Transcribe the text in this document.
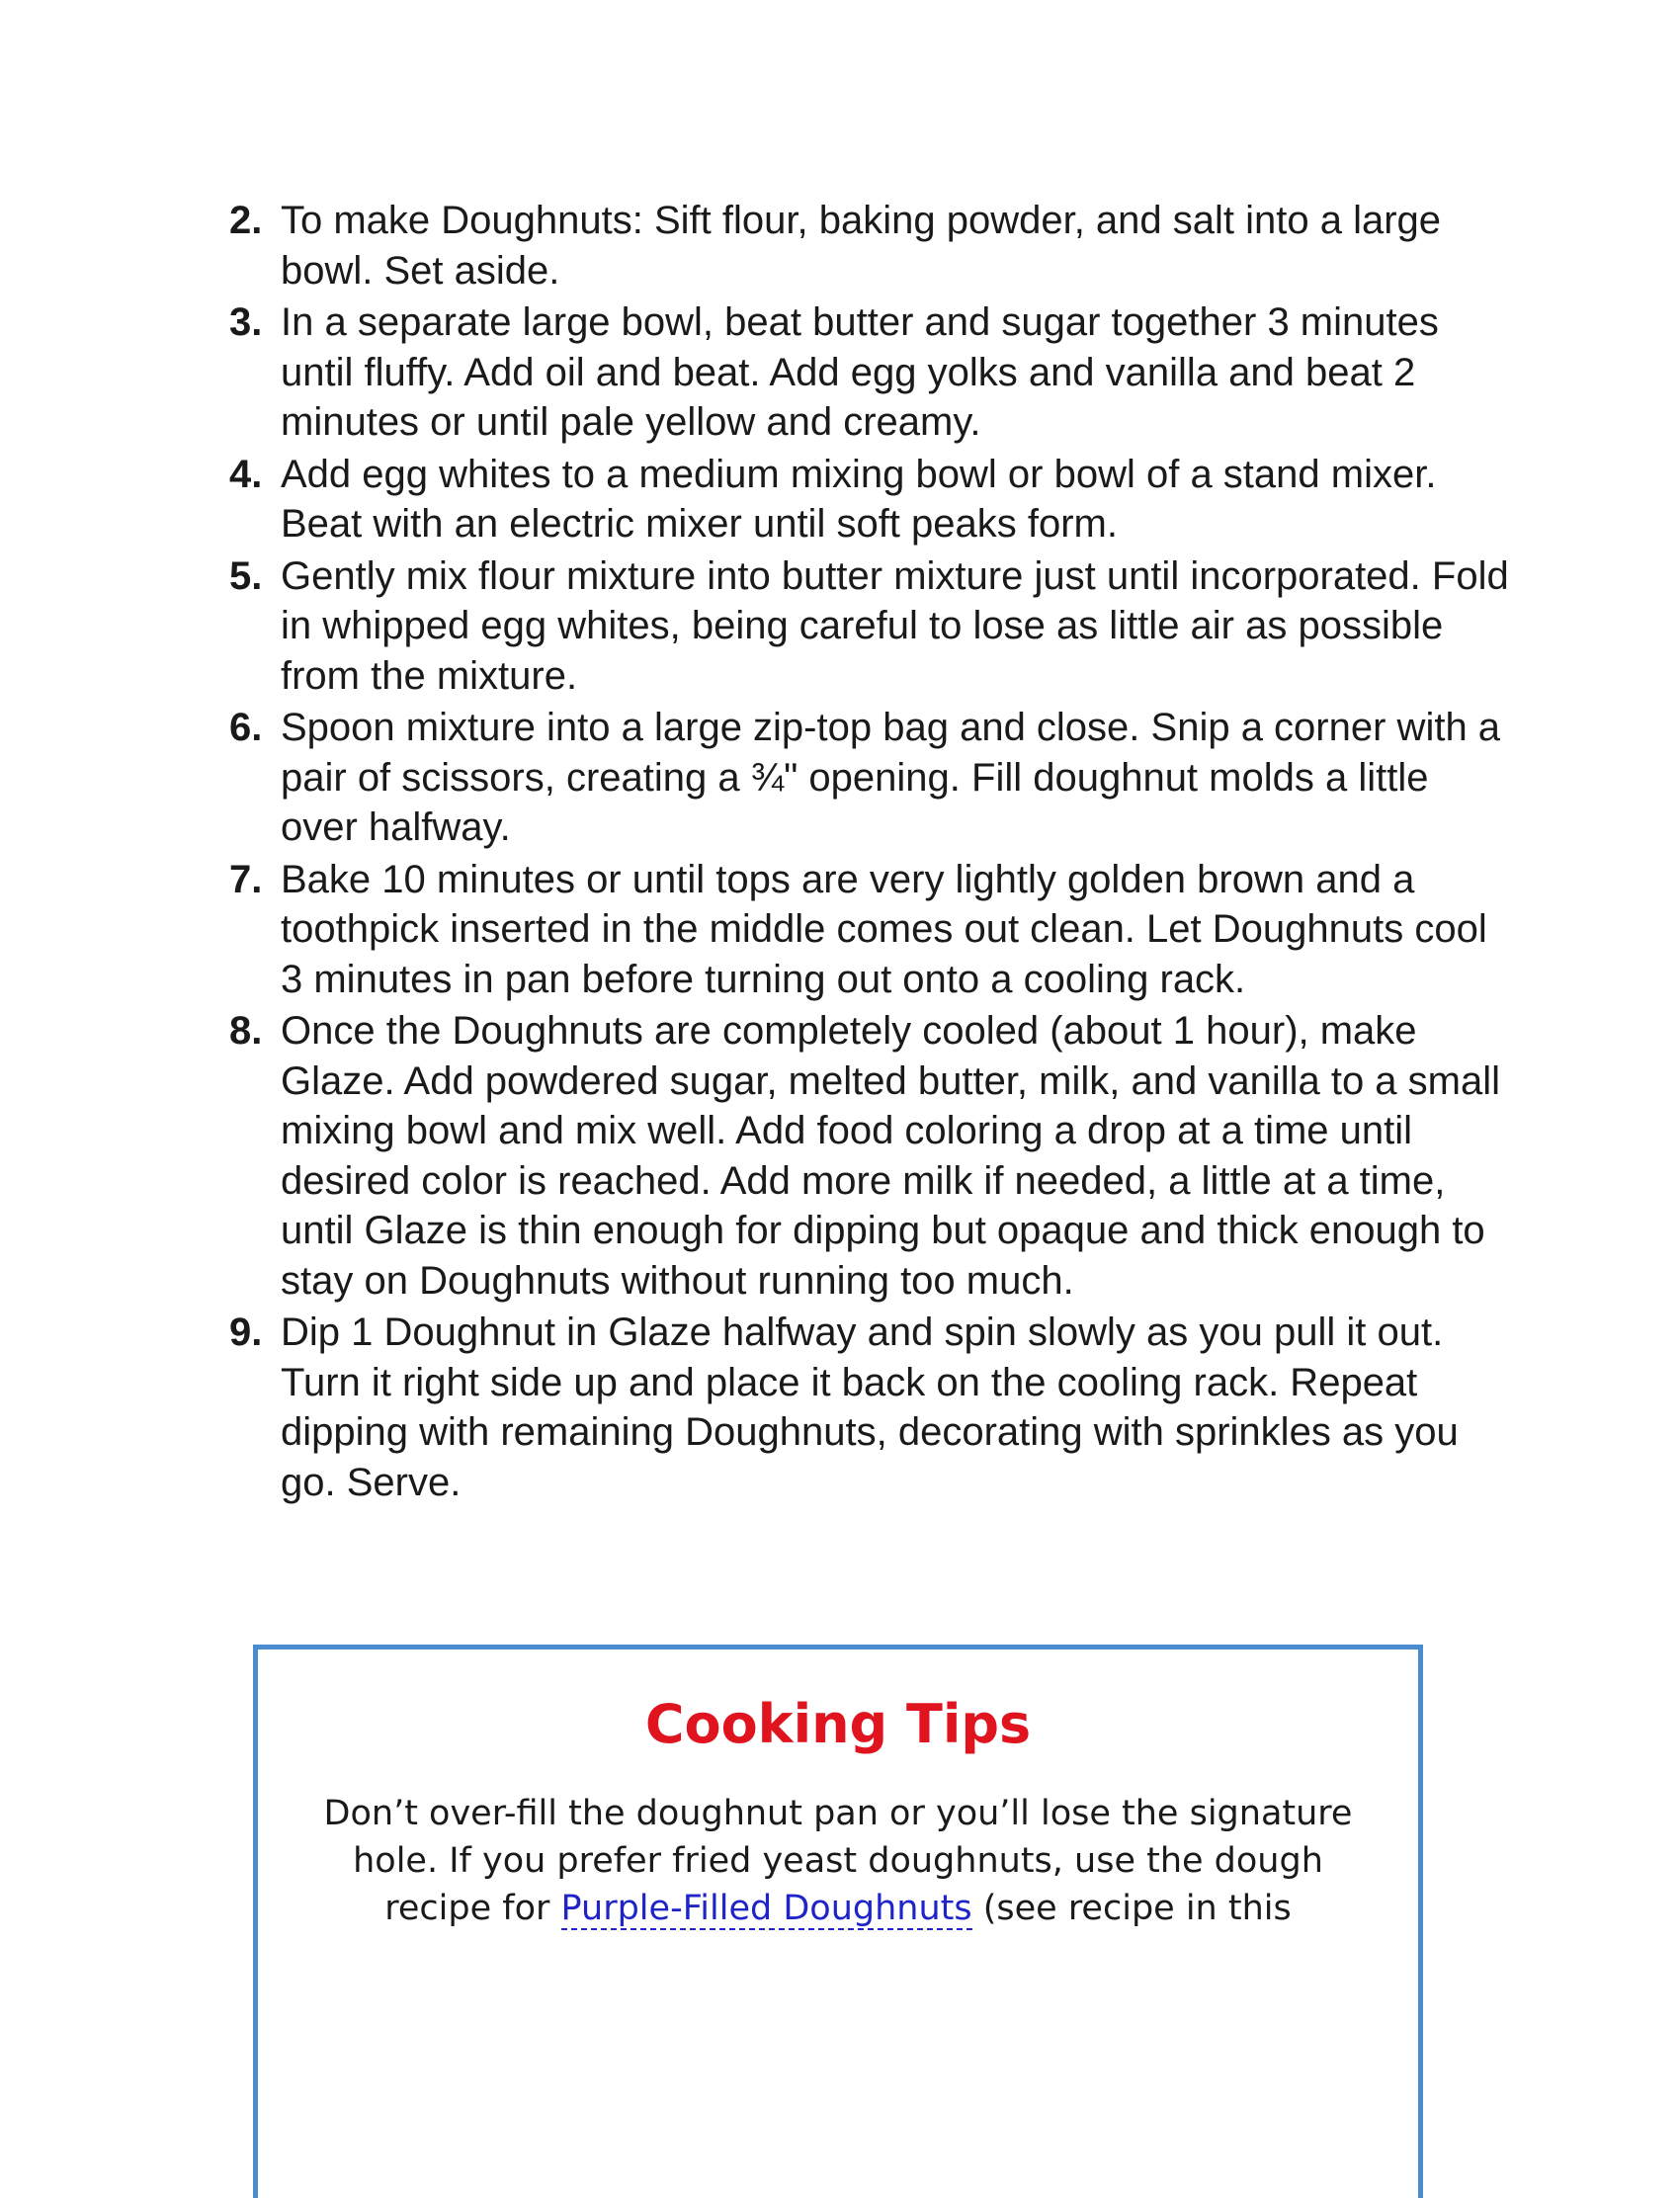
2. To make Doughnuts: Sift flour, baking powder, and salt into a large bowl. Set aside.
3. In a separate large bowl, beat butter and sugar together 3 minutes until fluffy. Add oil and beat. Add egg yolks and vanilla and beat 2 minutes or until pale yellow and creamy.
4. Add egg whites to a medium mixing bowl or bowl of a stand mixer. Beat with an electric mixer until soft peaks form.
5. Gently mix flour mixture into butter mixture just until incorporated. Fold in whipped egg whites, being careful to lose as little air as possible from the mixture.
6. Spoon mixture into a large zip-top bag and close. Snip a corner with a pair of scissors, creating a ¾" opening. Fill doughnut molds a little over halfway.
7. Bake 10 minutes or until tops are very lightly golden brown and a toothpick inserted in the middle comes out clean. Let Doughnuts cool 3 minutes in pan before turning out onto a cooling rack.
8. Once the Doughnuts are completely cooled (about 1 hour), make Glaze. Add powdered sugar, melted butter, milk, and vanilla to a small mixing bowl and mix well. Add food coloring a drop at a time until desired color is reached. Add more milk if needed, a little at a time, until Glaze is thin enough for dipping but opaque and thick enough to stay on Doughnuts without running too much.
9. Dip 1 Doughnut in Glaze halfway and spin slowly as you pull it out. Turn it right side up and place it back on the cooling rack. Repeat dipping with remaining Doughnuts, decorating with sprinkles as you go. Serve.
Cooking Tips

Don’t over-fill the doughnut pan or you’ll lose the signature hole. If you prefer fried yeast doughnuts, use the dough recipe for Purple-Filled Doughnuts (see recipe in this
